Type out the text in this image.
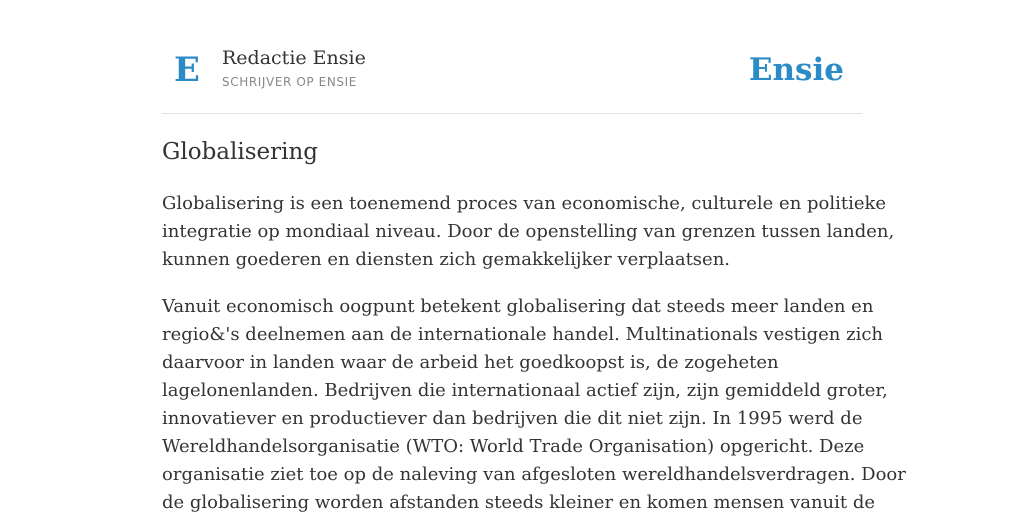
E Redactie Ensie
SCHRIJVER OP ENSIE	Ensie
Globalisering

Globalisering is een toenemend proces van economische, culturele en politieke
integratie op mondiaal niveau. Door de openstelling van grenzen tussen landen,
kunnen goederen en diensten zich gemakkelijker verplaatsen.

Vanuit economisch oogpunt betekent globalisering dat steeds meer landen en
regio&'s deelnemen aan de internationale handel. Multinationals vestigen zich
daarvoor in landen waar de arbeid het goedkoopst is, de zogeheten
lagelonenlanden. Bedrijven die internationaal actief zijn, zijn gemiddeld groter,
innovatiever en productiever dan bedrijven die dit niet zijn. In 1995 werd de
Wereldhandelsorganisatie (WTO: World Trade Organisation) opgericht. Deze
organisatie ziet toe op de naleving van afgesloten wereldhandelsverdragen. Door
de globalisering worden afstanden steeds kleiner en komen mensen vanuit de
